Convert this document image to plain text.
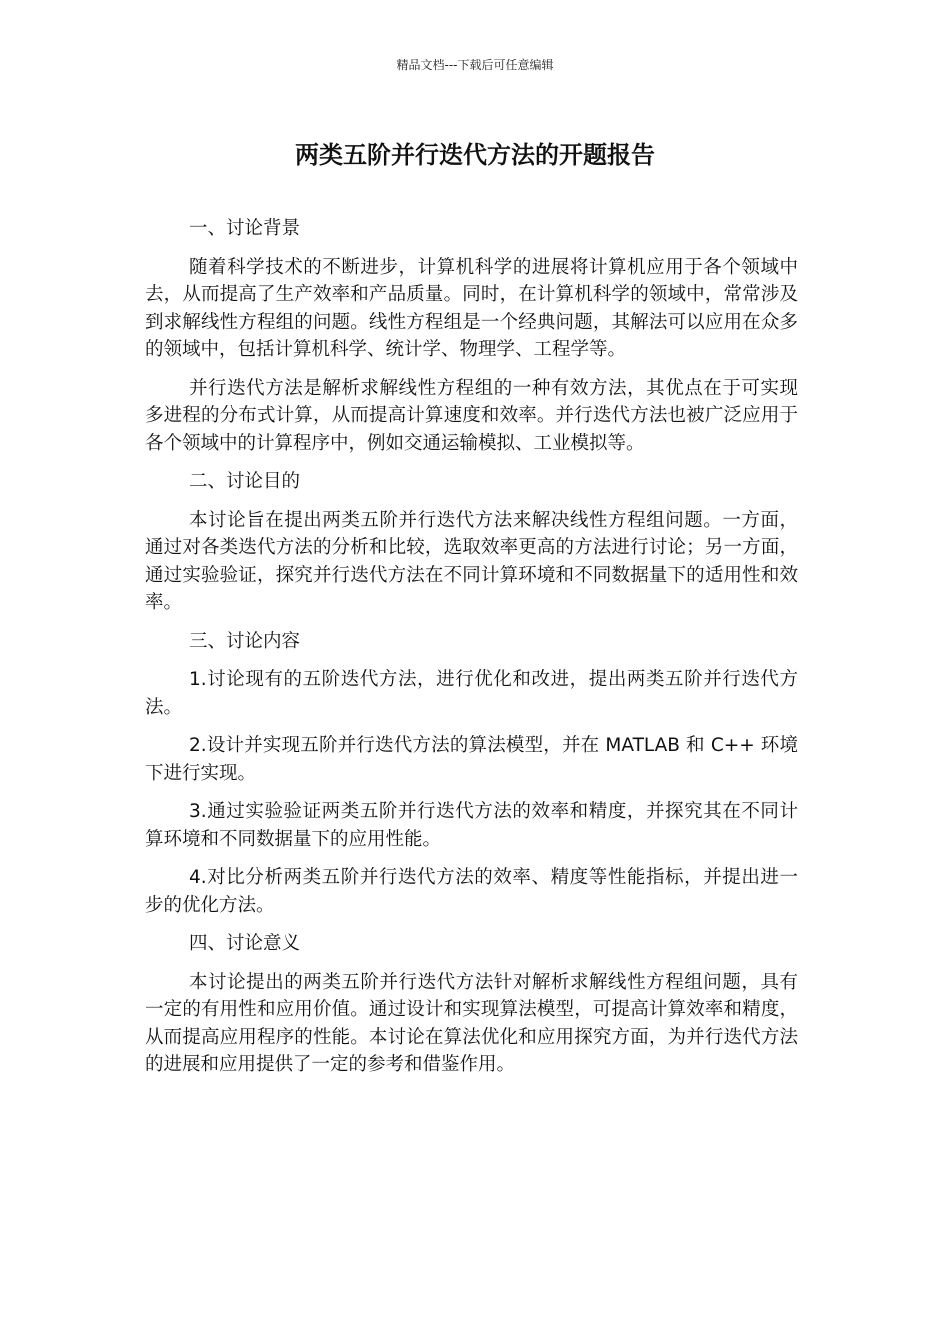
精品文档---下载后可任意编辑
两类五阶并行迭代方法的开题报告

一、讨论背景

随着科学技术的不断进步，计算机科学的进展将计算机应用于各个领域中去，从而提高了生产效率和产品质量。同时，在计算机科学的领域中，常常涉及到求解线性方程组的问题。线性方程组是一个经典问题，其解法可以应用在众多的领域中，包括计算机科学、统计学、物理学、工程学等。

并行迭代方法是解析求解线性方程组的一种有效方法，其优点在于可实现多进程的分布式计算，从而提高计算速度和效率。并行迭代方法也被广泛应用于各个领域中的计算程序中，例如交通运输模拟、工业模拟等。

二、讨论目的

本讨论旨在提出两类五阶并行迭代方法来解决线性方程组问题。一方面，通过对各类迭代方法的分析和比较，选取效率更高的方法进行讨论；另一方面，通过实验验证，探究并行迭代方法在不同计算环境和不同数据量下的适用性和效率。

三、讨论内容

1.讨论现有的五阶迭代方法，进行优化和改进，提出两类五阶并行迭代方法。

2.设计并实现五阶并行迭代方法的算法模型，并在 MATLAB 和 C++ 环境下进行实现。

3.通过实验验证两类五阶并行迭代方法的效率和精度，并探究其在不同计算环境和不同数据量下的应用性能。

4.对比分析两类五阶并行迭代方法的效率、精度等性能指标，并提出进一步的优化方法。

四、讨论意义

本讨论提出的两类五阶并行迭代方法针对解析求解线性方程组问题，具有一定的有用性和应用价值。通过设计和实现算法模型，可提高计算效率和精度，从而提高应用程序的性能。本讨论在算法优化和应用探究方面，为并行迭代方法的进展和应用提供了一定的参考和借鉴作用。
